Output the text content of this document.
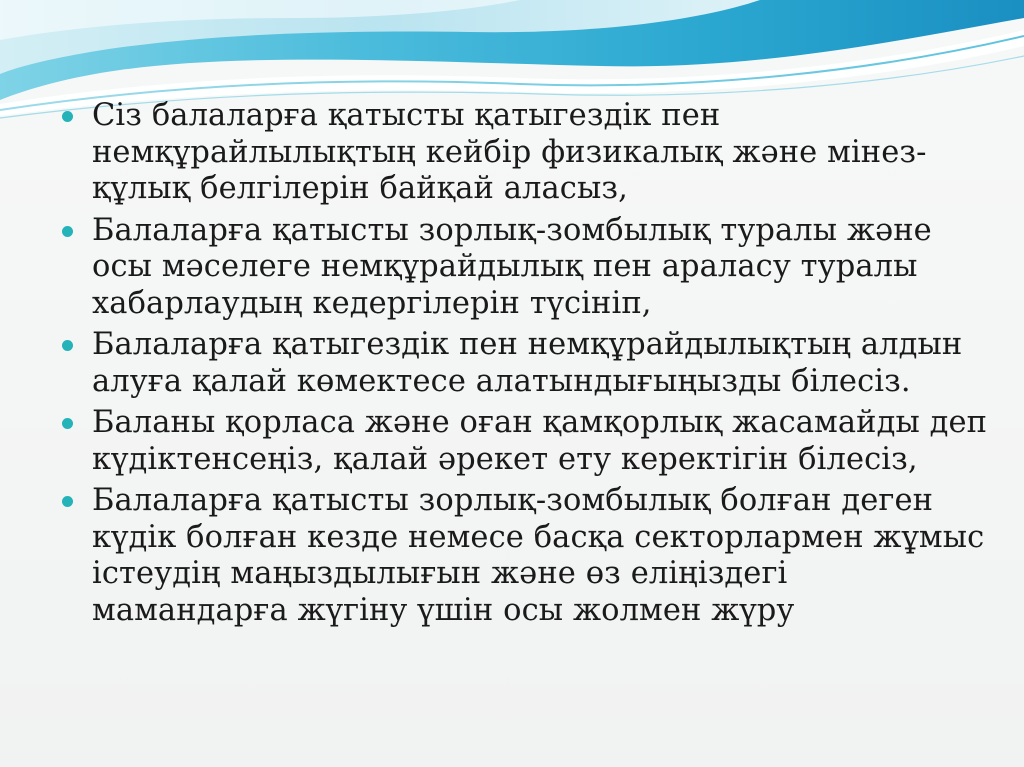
Сіз балаларға қатысты қатыгездік пен немқұрайлылықтың кейбір физикалық және мінез-құлық белгілерін байқай аласыз,
Балаларға қатысты зорлық-зомбылық туралы және осы мәселеге немқұрайдылық пен араласу туралы хабарлаудың кедергілерін түсініп,
Балаларға қатыгездік пен немқұрайдылықтың алдын алуға қалай көмектесе алатындығыңызды білесіз.
Баланы қорласа және оған қамқорлық жасамайды деп күдіктенсеңіз, қалай әрекет ету керектігін білесіз,
Балаларға қатысты зорлық-зомбылық болған деген күдік болған кезде немесе басқа секторлармен жұмыс істеудің маңыздылығын және өз еліңіздегі мамандарға жүгіну үшін осы жолмен жүру
